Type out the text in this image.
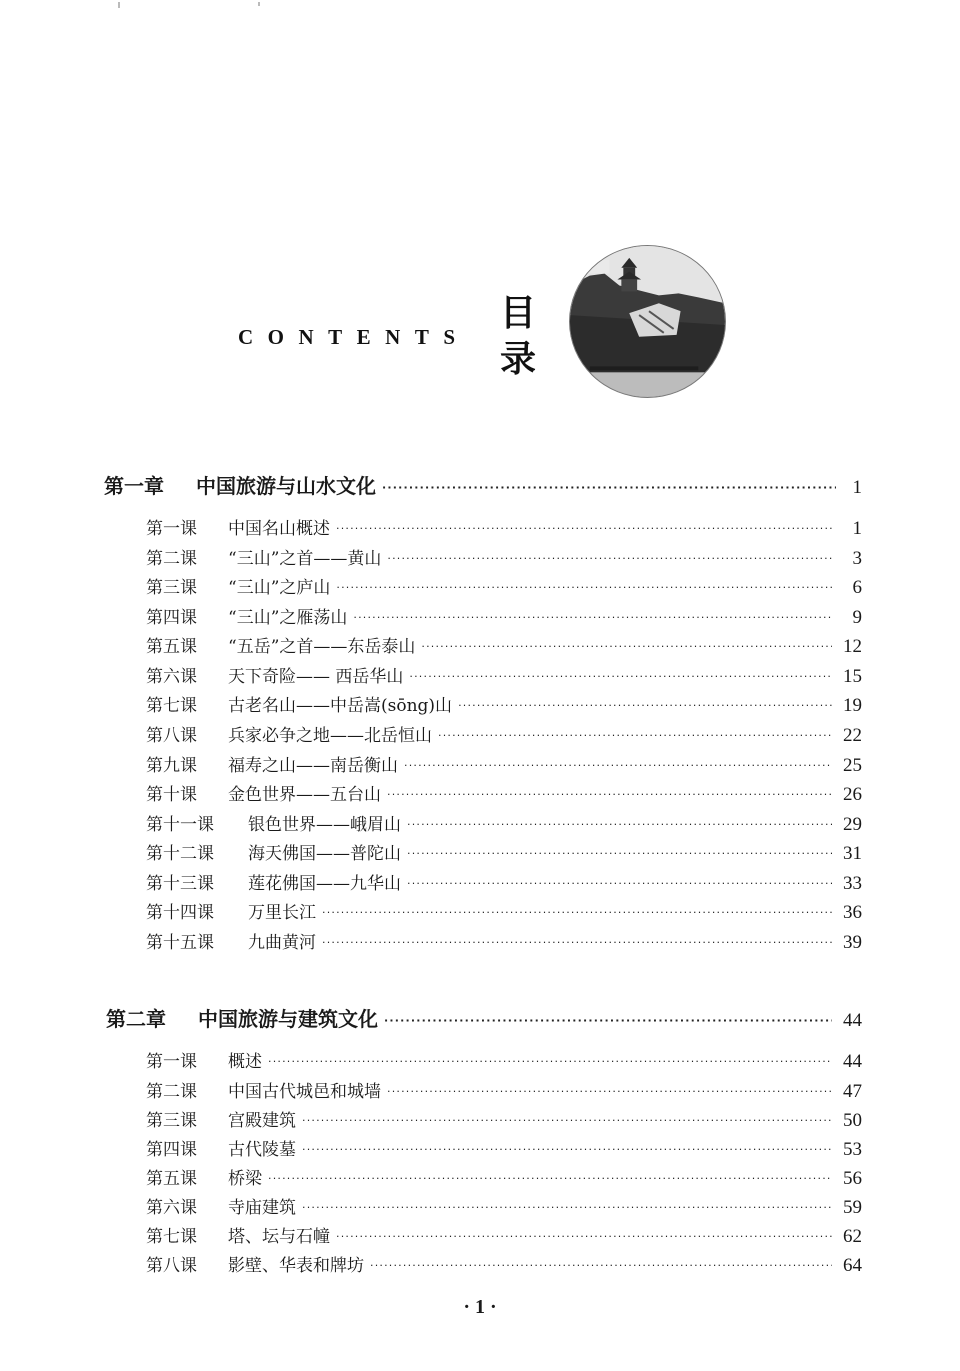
CONTENTS
目
录
第一章	中国旅游与山水文化 ·····	1
第一课	中国名山概述 ·····	1
第二课	“三山”之首——黄山 ·····	3
第三课	“三山”之庐山 ·····	6
第四课	“三山”之雁荡山 ·····	9
第五课	“五岳”之首——东岳泰山 ·····	12
第六课	天下奇险—— 西岳华山 ·····	15
第七课	古老名山——中岳嵩(sōng)山 ·····	19
第八课	兵家必争之地——北岳恒山 ·····	22
第九课	福寿之山——南岳衡山 ·····	25
第十课	金色世界——五台山 ·····	26
第十一课	银色世界——峨眉山 ·····	29
第十二课	海天佛国——普陀山 ·····	31
第十三课	莲花佛国——九华山 ·····	33
第十四课	万里长江 ·····	36
第十五课	九曲黄河 ·····	39
第二章	中国旅游与建筑文化 ·····	44
第一课	概述 ·····	44
第二课	中国古代城邑和城墙 ·····	47
第三课	宫殿建筑 ·····	50
第四课	古代陵墓 ·····	53
第五课	桥梁 ·····	56
第六课	寺庙建筑 ·····	59
第七课	塔、坛与石幢 ·····	62
第八课	影壁、华表和牌坊 ·····	64
· 1 ·
